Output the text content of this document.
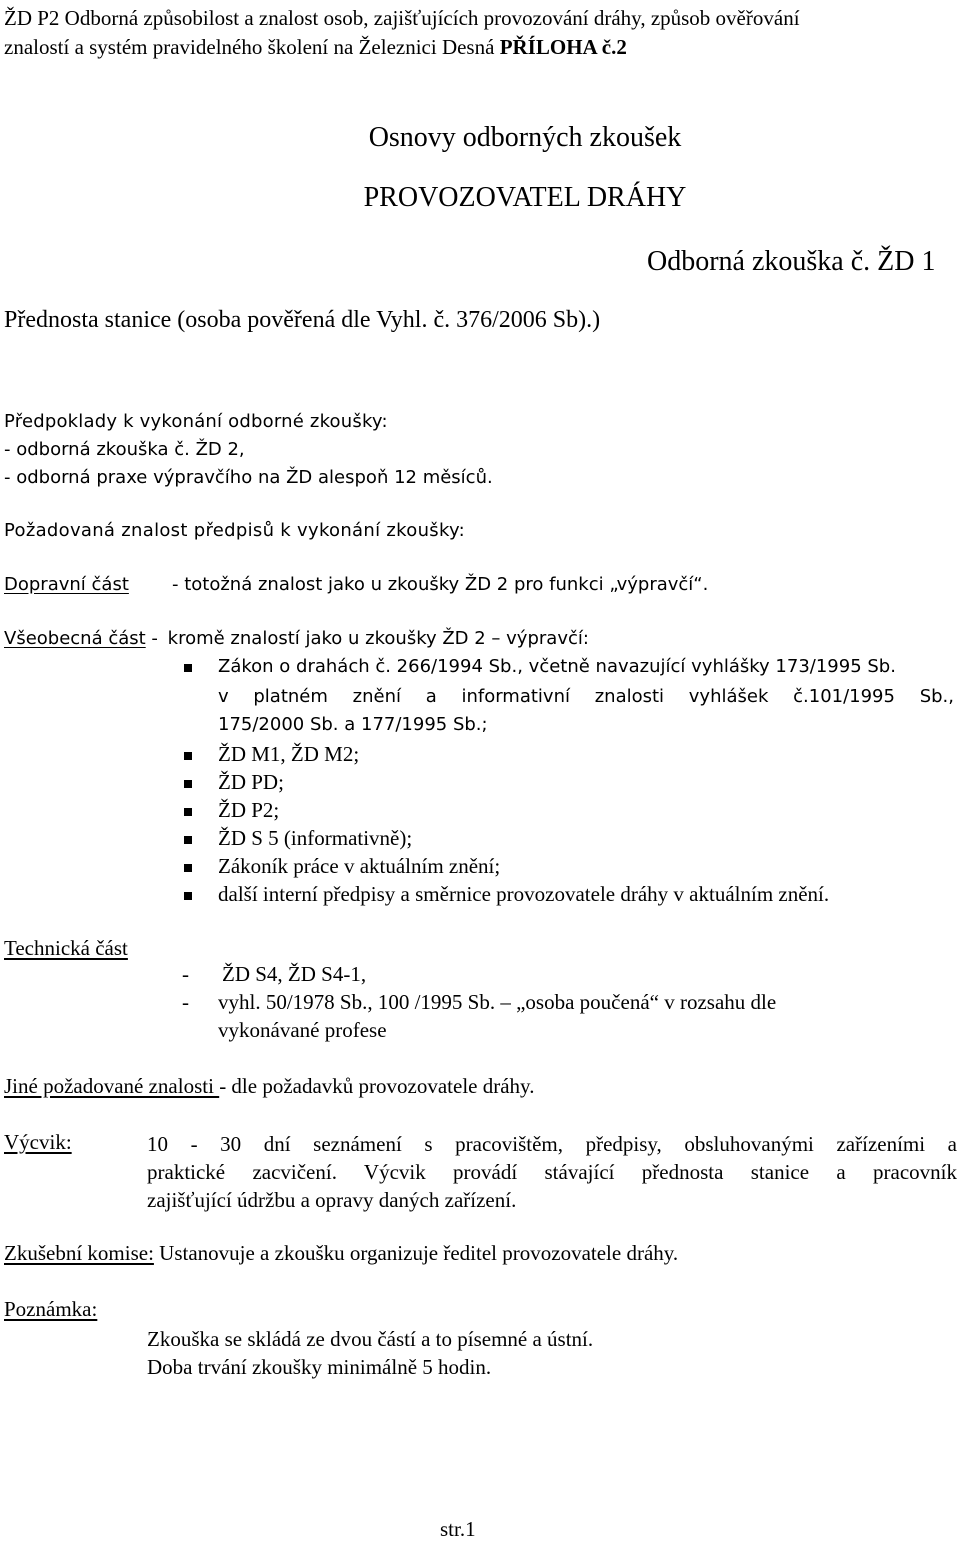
ŽD P2 Odborná způsobilost a znalost osob, zajišťujících provozování dráhy, způsob ověřování
znalostí a systém pravidelného školení na Železnici Desná PŘÍLOHA č.2
Osnovy odborných zkoušek
PROVOZOVATEL DRÁHY
Odborná zkouška č. ŽD 1
Přednosta stanice (osoba pověřená dle Vyhl. č. 376/2006 Sb).)
Předpoklady k vykonání odborné zkoušky:
- odborná zkouška č. ŽD 2,
- odborná praxe výpravčího na ŽD alespoň 12 měsíců.
Požadovaná znalost předpisů k vykonání zkoušky:
Dopravní část - totožná znalost jako u zkoušky ŽD 2 pro funkci „výpravčí“.
Všeobecná část - kromě znalostí jako u zkoušky ŽD 2 – výpravčí:
Zákon o drahách č. 266/1994 Sb., včetně navazující vyhlášky 173/1995 Sb.
v platném znění a informativní znalosti vyhlášek č.101/1995 Sb.,
175/2000 Sb. a 177/1995 Sb.;
ŽD M1, ŽD M2;
ŽD PD;
ŽD P2;
ŽD S 5 (informativně);
Zákoník práce v aktuálním znění;
další interní předpisy a směrnice provozovatele dráhy v aktuálním znění.
Technická část
- ŽD S4, ŽD S4-1,
- vyhl. 50/1978 Sb., 100 /1995 Sb. – „osoba poučená“ v rozsahu dle
vykonávané profese
Jiné požadované znalosti - dle požadavků provozovatele dráhy.
Výcvik:	10 - 30 dní seznámení s pracovištěm, předpisy, obsluhovanými zařízeními a
praktické zacvičení. Výcvik provádí stávající přednosta stanice a pracovník
zajišťující údržbu a opravy daných zařízení.
Zkušební komise: Ustanovuje a zkoušku organizuje ředitel provozovatele dráhy.
Poznámka:
Zkouška se skládá ze dvou částí a to písemné a ústní.
Doba trvání zkoušky minimálně 5 hodin.
str.1
